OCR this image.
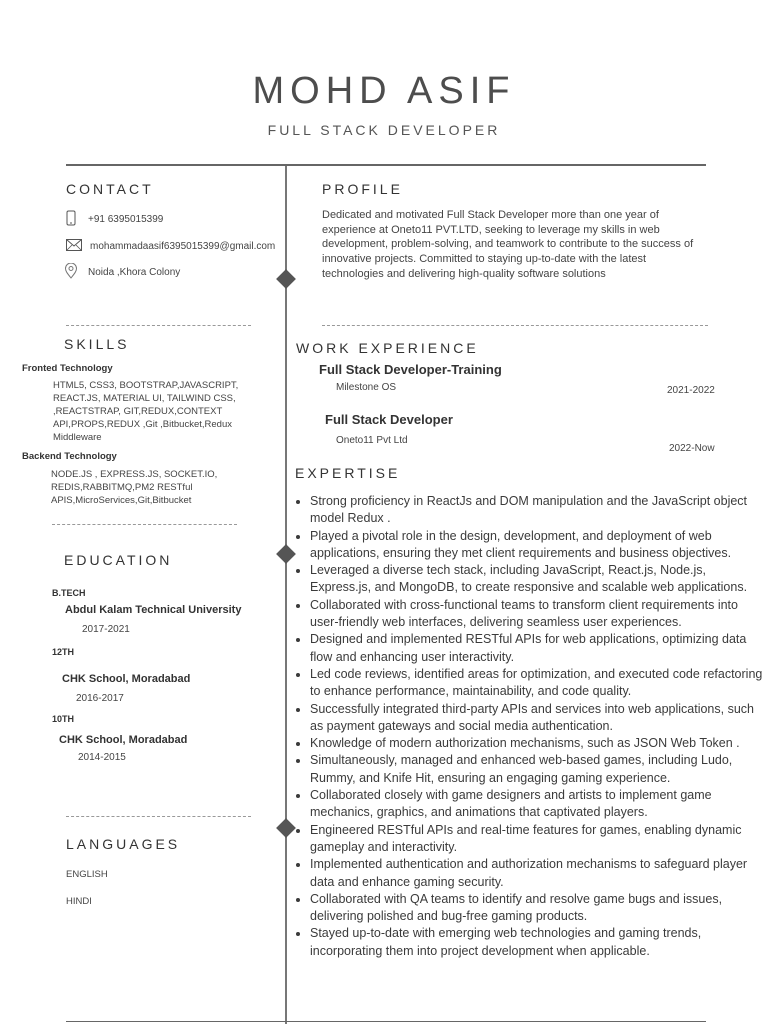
MOHD ASIF
FULL STACK DEVELOPER
CONTACT
+91 6395015399
mohammadaasif6395015399@gmail.com
Noida ,Khora Colony
SKILLS
Fronted Technology
HTML5, CSS3, BOOTSTRAP,JAVASCRIPT, REACT.JS, MATERIAL UI, TAILWIND CSS, ,REACTSTRAP, GIT,REDUX,CONTEXT API,PROPS,REDUX ,Git ,Bitbucket,Redux Middleware
Backend Technology
NODE.JS , EXPRESS.JS, SOCKET.IO, REDIS,RABBITMQ,PM2 RESTful APIS,MicroServices,Git,Bitbucket
EDUCATION
B.TECH
Abdul Kalam Technical University
2017-2021
12TH
CHK School, Moradabad
2016-2017
10TH
CHK School, Moradabad
2014-2015
LANGUAGES
ENGLISH
HINDI
PROFILE
Dedicated and motivated Full Stack Developer more than one year of experience at Oneto11 PVT.LTD, seeking to leverage my skills in web development, problem-solving, and teamwork to contribute to the success of innovative projects. Committed to staying up-to-date with the latest technologies and delivering high-quality software solutions
WORK EXPERIENCE
Full Stack Developer-Training
Milestone OS	2021-2022
Full Stack Developer
Oneto11 Pvt Ltd
2022-Now
EXPERTISE
• Strong proficiency in ReactJs and DOM manipulation and the JavaScript object model Redux .
• Played a pivotal role in the design, development, and deployment of web applications, ensuring they met client requirements and business objectives.
• Leveraged a diverse tech stack, including JavaScript, React.js, Node.js, Express.js, and MongoDB, to create responsive and scalable web applications.
• Collaborated with cross-functional teams to transform client requirements into user-friendly web interfaces, delivering seamless user experiences.
• Designed and implemented RESTful APIs for web applications, optimizing data flow and enhancing user interactivity.
• Led code reviews, identified areas for optimization, and executed code refactoring to enhance performance, maintainability, and code quality.
• Successfully integrated third-party APIs and services into web applications, such as payment gateways and social media authentication.
• Knowledge of modern authorization mechanisms, such as JSON Web Token .
• Simultaneously, managed and enhanced web-based games, including Ludo, Rummy, and Knife Hit, ensuring an engaging gaming experience.
• Collaborated closely with game designers and artists to implement game mechanics, graphics, and animations that captivated players.
• Engineered RESTful APIs and real-time features for games, enabling dynamic gameplay and interactivity.
• Implemented authentication and authorization mechanisms to safeguard player data and enhance gaming security.
• Collaborated with QA teams to identify and resolve game bugs and issues, delivering polished and bug-free gaming products.
• Stayed up-to-date with emerging web technologies and gaming trends, incorporating them into project development when applicable.
